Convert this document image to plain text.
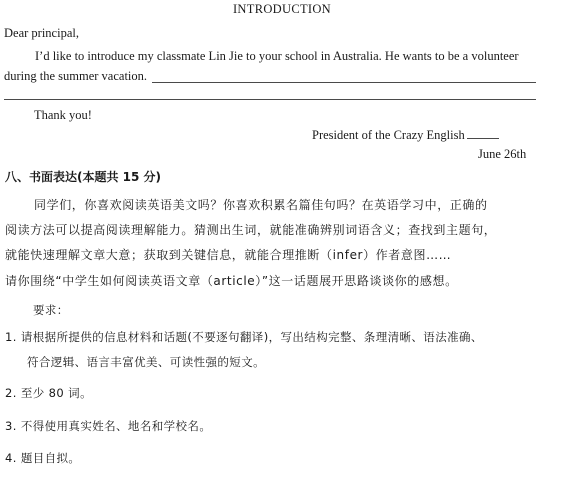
INTRODUCTION
Dear principal,
I’d like to introduce my classmate Lin Jie to your school in Australia. He wants to be a volunteer
during the summer vacation.
Thank you!
President of the Crazy English
June 26th
八、书面表达(本题共 15 分)
同学们，你喜欢阅读英语美文吗？你喜欢积累名篇佳句吗？在英语学习中，正确的
阅读方法可以提高阅读理解能力。猜测出生词，就能准确辨别词语含义；查找到主题句，
就能快速理解文章大意；获取到关键信息，就能合理推断（infer）作者意图……
请你围绕“中学生如何阅读英语文章（article）”这一话题展开思路谈谈你的感想。
要求：
1. 请根据所提供的信息材料和话题(不要逐句翻译)，写出结构完整、条理清晰、语法准确、
符合逻辑、语言丰富优美、可读性强的短文。
2. 至少 80 词。
3. 不得使用真实姓名、地名和学校名。
4. 题目自拟。
